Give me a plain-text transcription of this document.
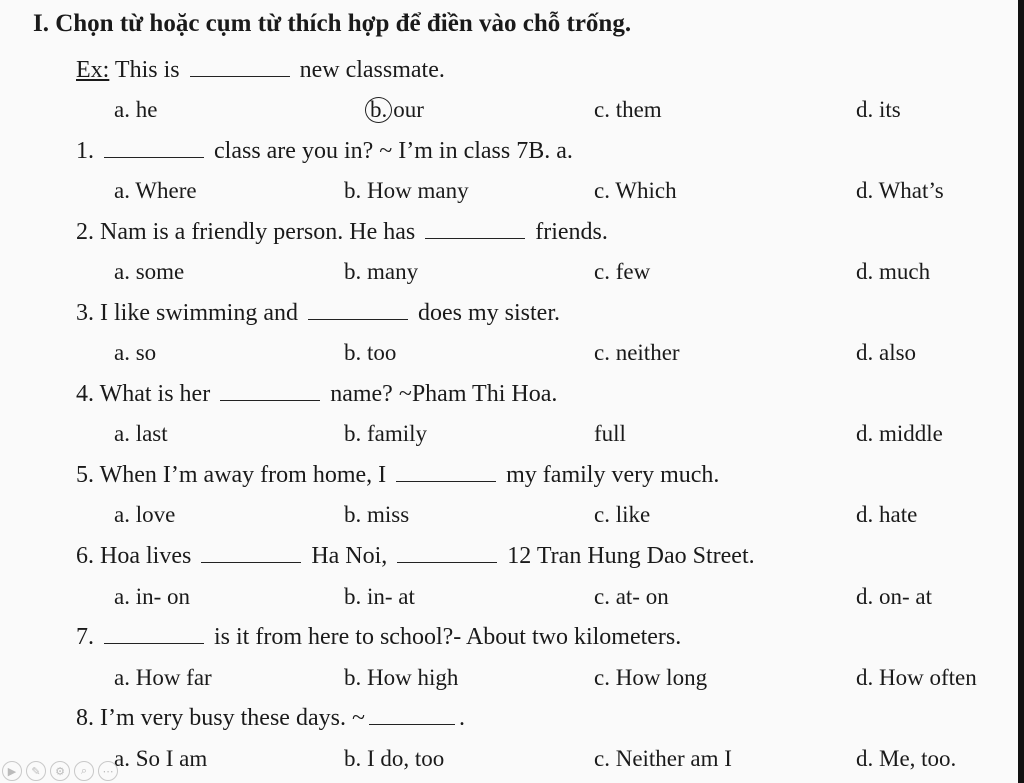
I. Chọn từ hoặc cụm từ thích hợp để điền vào chỗ trống.
Ex: This is	new classmate.
a. he	b. our	c. them	d. its
1.	class are you in? ~ I’m in class 7B. a.
a. Where	b. How many	c. Which	d. What’s
2. Nam is a friendly person. He has	friends.
a. some	b. many	c. few	d. much
3. I like swimming and	does my sister.
a. so	b. too	c. neither	d. also
4. What is her	name? ~Pham Thi Hoa.
a. last	b. family	full	d. middle
5. When I’m away from home, I	my family very much.
a. love	b. miss	c. like	d. hate
6. Hoa lives	Ha Noi,	12 Tran Hung Dao Street.
a. in- on	b. in- at	c. at- on	d. on- at
7.	is it from here to school?- About two kilometers.
a. How far	b. How high	c. How long	d. How often
8. I’m very busy these days. ~	.
a. So I am	b. I do, too	c. Neither am I	d. Me, too.
▶	✎	⚙	⌕	⋯
